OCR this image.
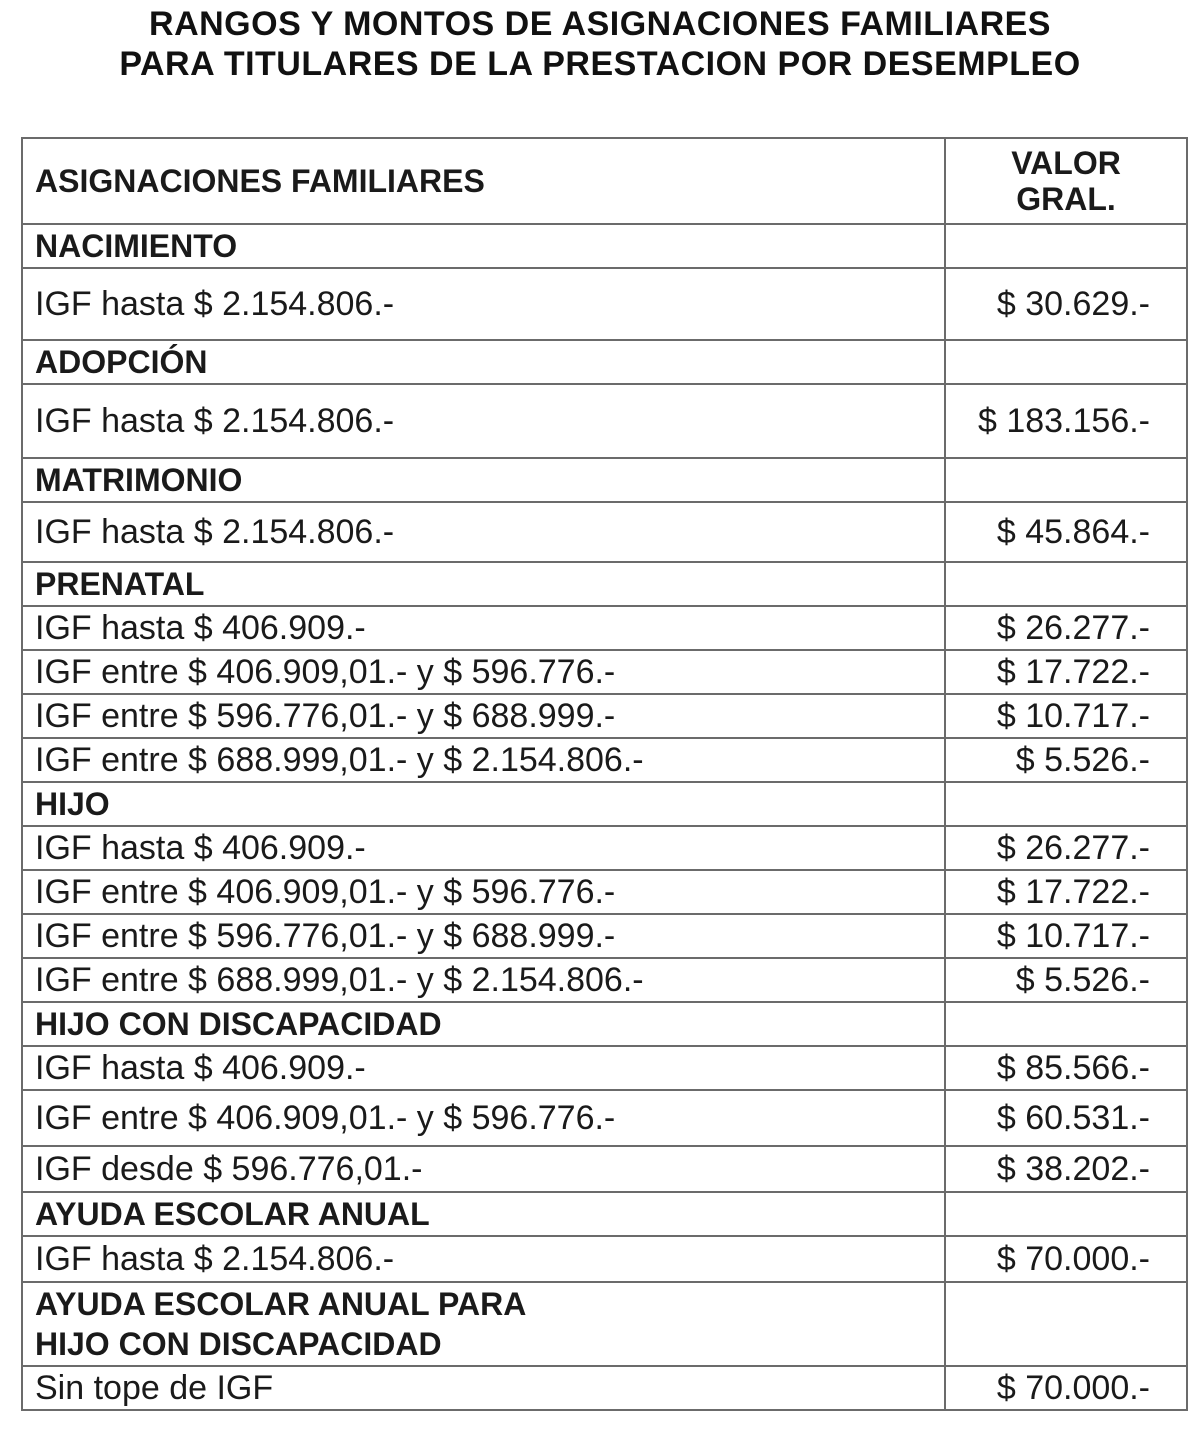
RANGOS Y MONTOS DE ASIGNACIONES FAMILIARES
PARA TITULARES DE LA PRESTACION POR DESEMPLEO
ASIGNACIONES FAMILIARES	VALOR
GRAL.
NACIMIENTO	
IGF hasta $ 2.154.806.-	$ 30.629.-
ADOPCIÓN	
IGF hasta $ 2.154.806.-	$ 183.156.-
MATRIMONIO	
IGF hasta $ 2.154.806.-	$ 45.864.-
PRENATAL	
IGF hasta $ 406.909.-	$ 26.277.-
IGF entre $ 406.909,01.- y $ 596.776.-	$ 17.722.-
IGF entre $ 596.776,01.- y $ 688.999.-	$ 10.717.-
IGF entre $ 688.999,01.- y $ 2.154.806.-	$ 5.526.-
HIJO	
IGF hasta $ 406.909.-	$ 26.277.-
IGF entre $ 406.909,01.- y $ 596.776.-	$ 17.722.-
IGF entre $ 596.776,01.- y $ 688.999.-	$ 10.717.-
IGF entre $ 688.999,01.- y $ 2.154.806.-	$ 5.526.-
HIJO CON DISCAPACIDAD	
IGF hasta $ 406.909.-	$ 85.566.-
IGF entre $ 406.909,01.- y $ 596.776.-	$ 60.531.-
IGF desde $ 596.776,01.-	$ 38.202.-
AYUDA ESCOLAR ANUAL	
IGF hasta $ 2.154.806.-	$ 70.000.-
AYUDA ESCOLAR ANUAL PARA
HIJO CON DISCAPACIDAD	
Sin tope de IGF	$ 70.000.-
